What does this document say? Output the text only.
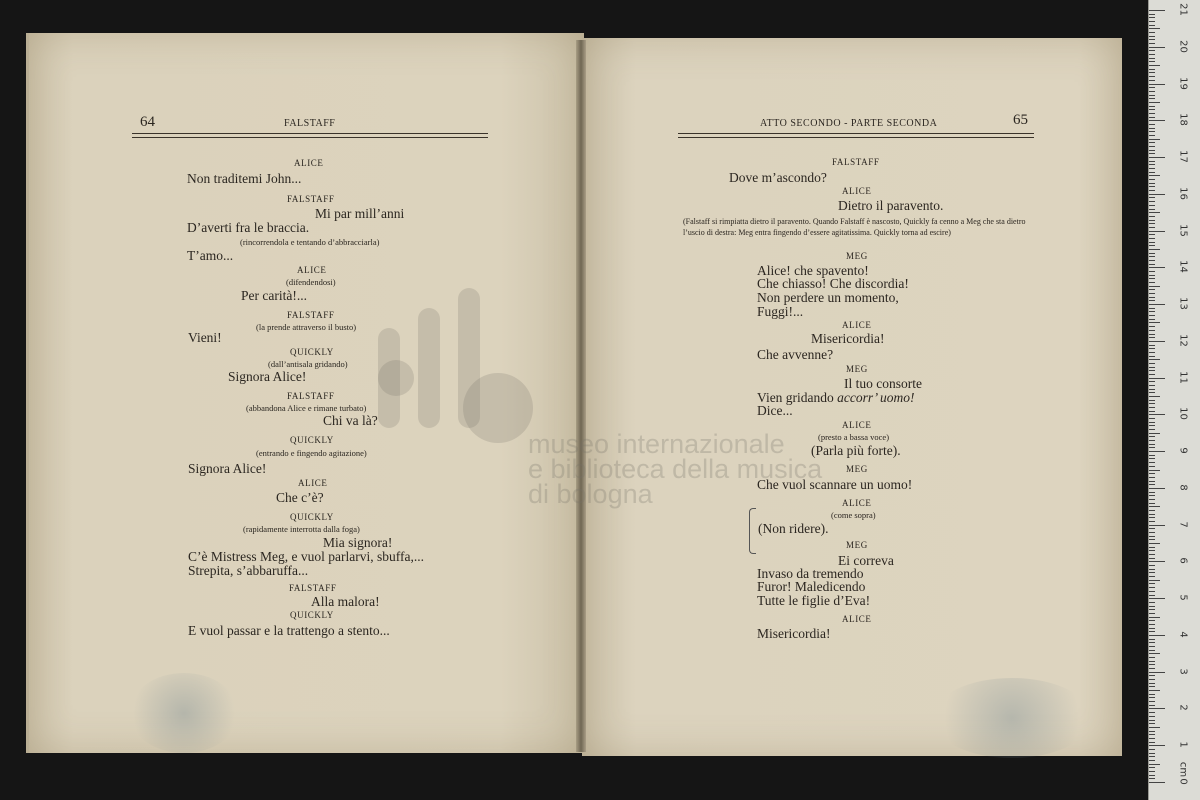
museo internazionale
e biblioteca della musica
di bologna
64	FALSTAFF
ALICE
Non traditemi John...
FALSTAFF
Mi par mill’anni
D’averti fra le braccia.
(rincorrendola e tentando d’abbracciarla)
T’amo...
ALICE
(difendendosi)
Per carità!...
FALSTAFF
(la prende attraverso il busto)
Vieni!
QUICKLY
(dall’antisala gridando)
Signora Alice!
FALSTAFF
(abbandona Alice e rimane turbato)
Chi va là?
QUICKLY
(entrando e fingendo agitazione)
Signora Alice!
ALICE
Che c’è?
QUICKLY
(rapidamente interrotta dalla foga)
Mia signora!
C’è Mistress Meg, e vuol parlarvi, sbuffa,...
Strepita, s’abbaruffa...
FALSTAFF
Alla malora!
QUICKLY
E vuol passar e la trattengo a stento...
ATTO SECONDO - PARTE SECONDA	65
FALSTAFF
Dove m’ascondo?
ALICE
Dietro il paravento.
(Falstaff si rimpiatta dietro il paravento. Quando Falstaff è nascosto, Quickly fa cenno a Meg che sta dietro l’uscio di destra: Meg entra fingendo d’essere agitatissima. Quickly torna ad escire)
MEG
Alice! che spavento!
Che chiasso! Che discordia!
Non perdere un momento,
Fuggi!...
ALICE
Misericordia!
Che avvenne?
MEG
Il tuo consorte
Vien gridando accorr’ uomo!
Dice...
ALICE
(presto a bassa voce)
(Parla più forte).
MEG
Che vuol scannare un uomo!
ALICE
(come sopra)
(Non ridere).
MEG
Ei correva
Invaso da tremendo
Furor! Maledicendo
Tutte le figlie d’Eva!
ALICE
Misericordia!
0
1
2
3
4
5
6
7
8
9
10
11
12
13
14
15
16
17
18
19
20
21
cm
